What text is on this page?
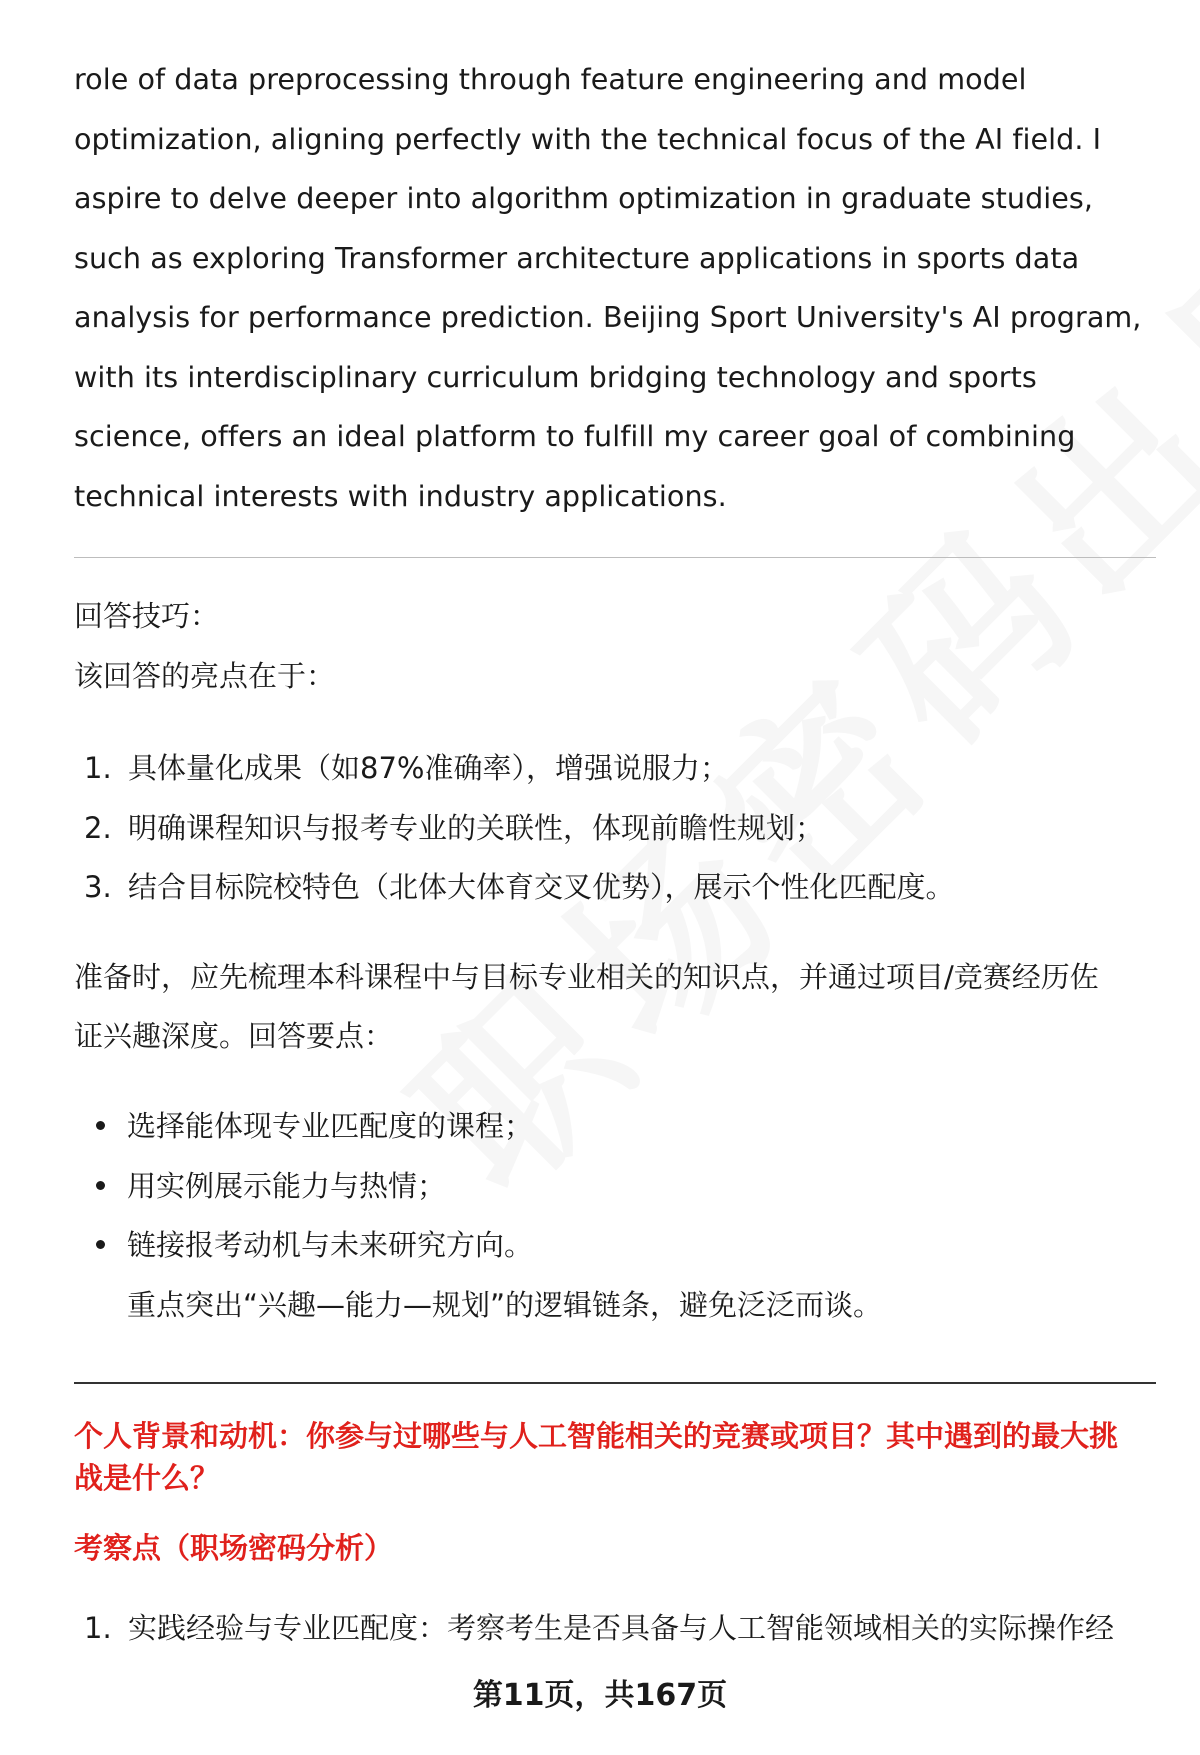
role of data preprocessing through feature engineering and model optimization, aligning perfectly with the technical focus of the AI field. I aspire to delve deeper into algorithm optimization in graduate studies, such as exploring Transformer architecture applications in sports data analysis for performance prediction. Beijing Sport University's AI program, with its interdisciplinary curriculum bridging technology and sports science, offers an ideal platform to fulfill my career goal of combining technical interests with industry applications.

回答技巧：
该回答的亮点在于：
1. 具体量化成果（如87%准确率），增强说服力；
2. 明确课程知识与报考专业的关联性，体现前瞻性规划；
3. 结合目标院校特色（北体大体育交叉优势），展示个性化匹配度。
准备时，应先梳理本科课程中与目标专业相关的知识点，并通过项目/竞赛经历佐
证兴趣深度。回答要点：
选择能体现专业匹配度的课程；
用实例展示能力与热情；
链接报考动机与未来研究方向。
重点突出“兴趣—能力—规划”的逻辑链条，避免泛泛而谈。
个人背景和动机：你参与过哪些与人工智能相关的竞赛或项目？其中遇到的最大挑
战是什么？
考察点（职场密码分析）
1. 实践经验与专业匹配度：考察考生是否具备与人工智能领域相关的实际操作经
第11页，共167页
